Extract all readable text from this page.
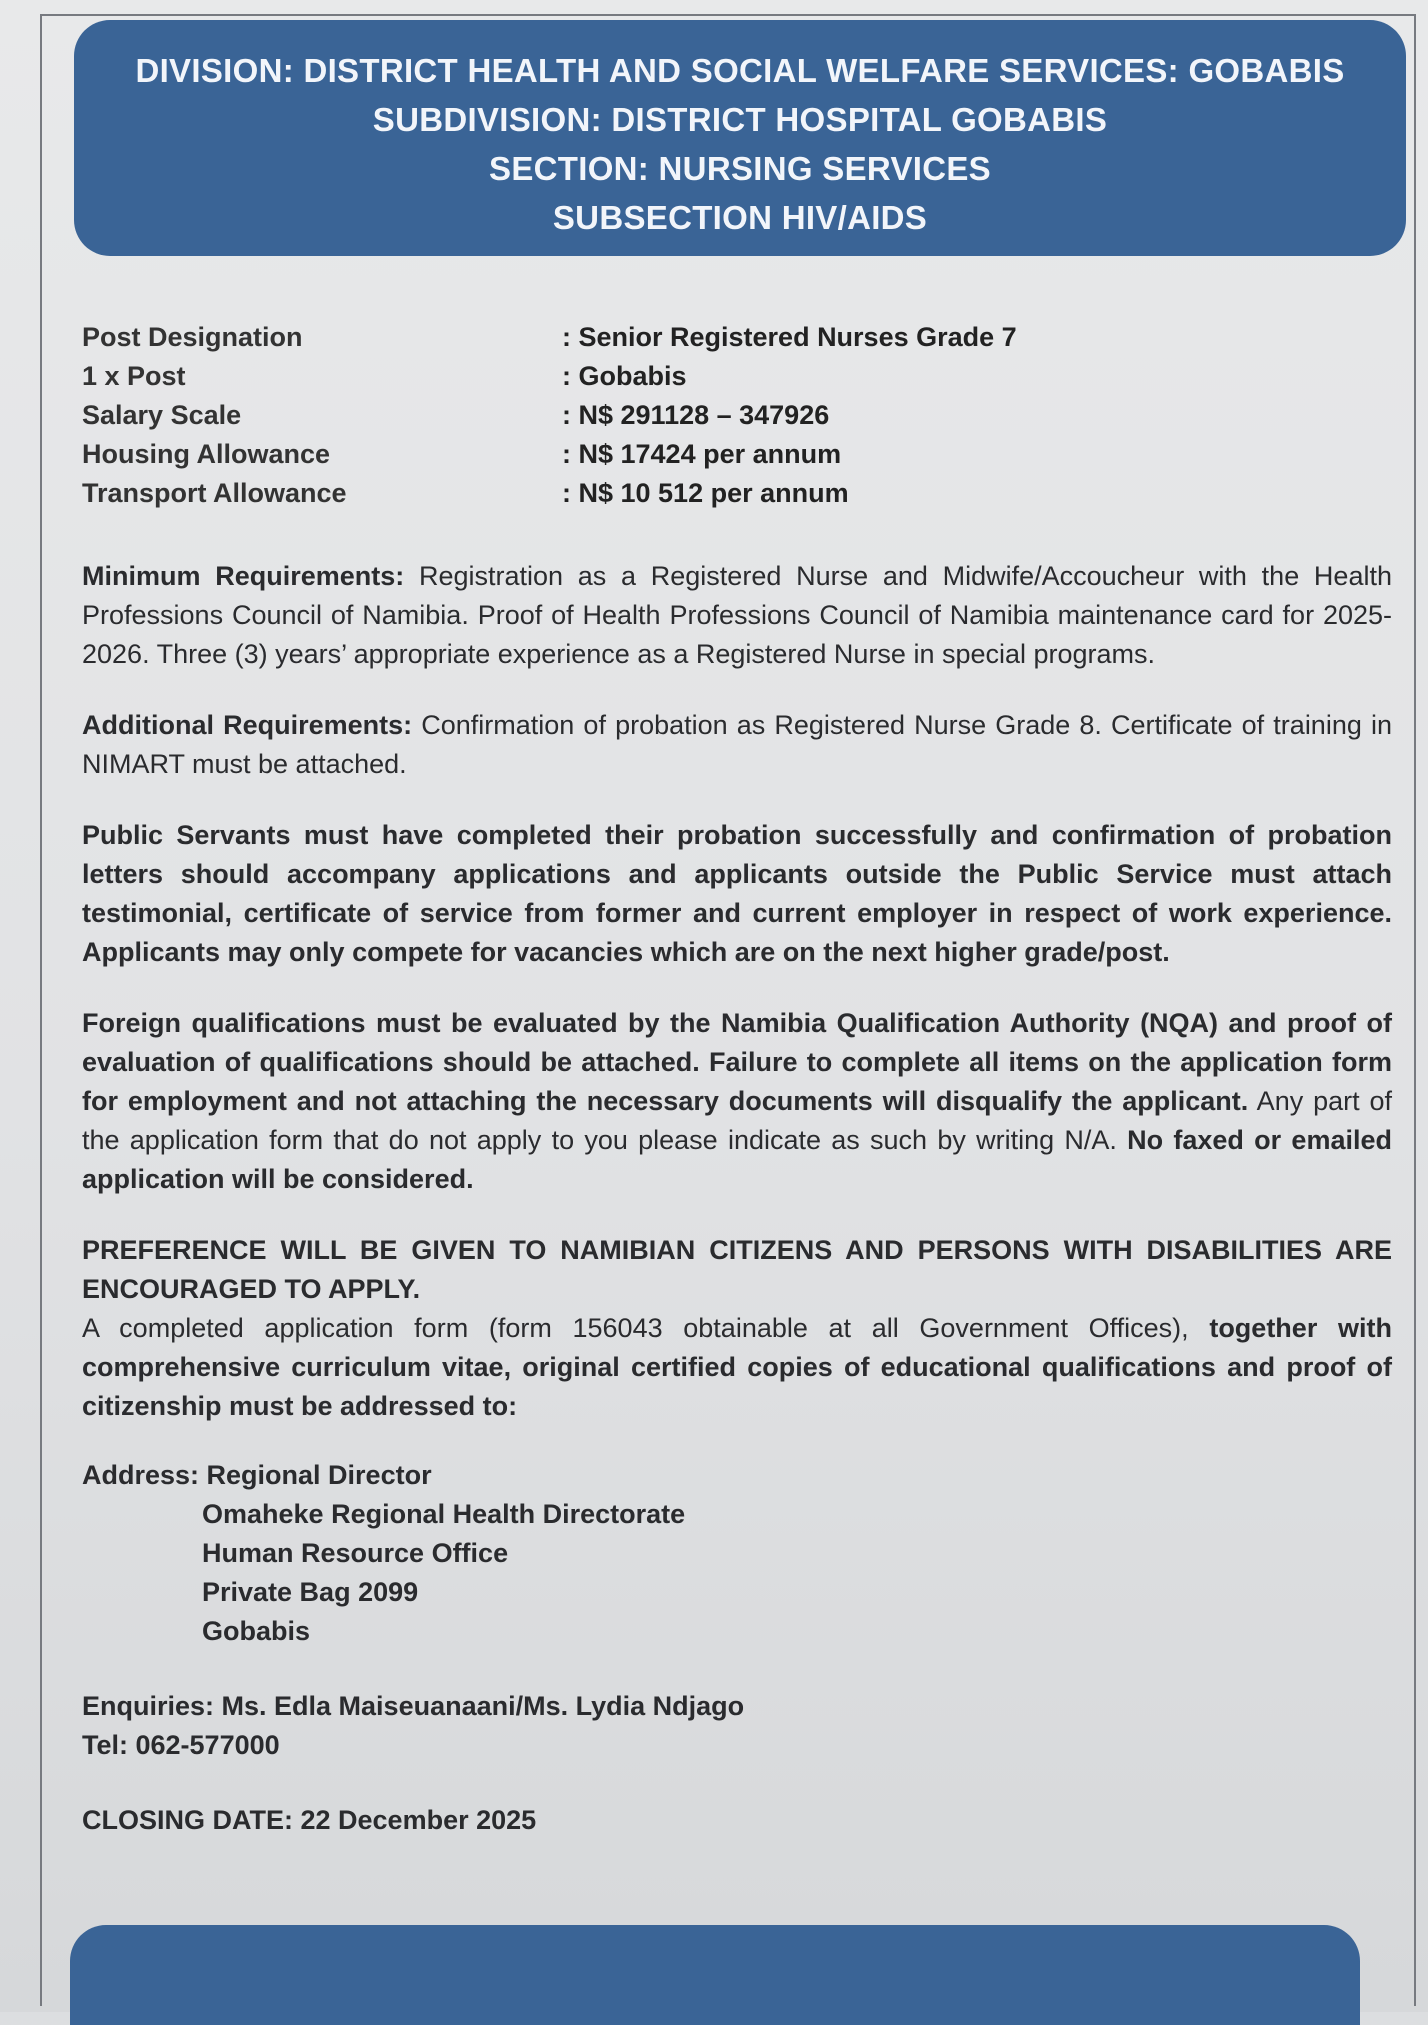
DIVISION: DISTRICT HEALTH AND SOCIAL WELFARE SERVICES: GOBABIS
SUBDIVISION: DISTRICT HOSPITAL GOBABIS
SECTION: NURSING SERVICES
SUBSECTION HIV/AIDS
Post Designation	: Senior Registered Nurses Grade 7
1 x Post	: Gobabis
Salary Scale	: N$ 291128 – 347926
Housing Allowance	: N$ 17424 per annum
Transport Allowance	: N$ 10 512 per annum

Minimum Requirements: Registration as a Registered Nurse and Midwife/Accoucheur with the Health Professions Council of Namibia. Proof of Health Professions Council of Namibia maintenance card for 2025-2026. Three (3) years’ appropriate experience as a Registered Nurse in special programs.

Additional Requirements: Confirmation of probation as Registered Nurse Grade 8. Certificate of training in NIMART must be attached.

Public Servants must have completed their probation successfully and confirmation of probation letters should accompany applications and applicants outside the Public Service must attach testimonial, certificate of service from former and current employer in respect of work experience. Applicants may only compete for vacancies which are on the next higher grade/post.

Foreign qualifications must be evaluated by the Namibia Qualification Authority (NQA) and proof of evaluation of qualifications should be attached. Failure to complete all items on the application form for employment and not attaching the necessary documents will disqualify the applicant. Any part of the application form that do not apply to you please indicate as such by writing N/A. No faxed or emailed application will be considered.

PREFERENCE WILL BE GIVEN TO NAMIBIAN CITIZENS AND PERSONS WITH DISABILITIES ARE ENCOURAGED TO APPLY.

A completed application form (form 156043 obtainable at all Government Offices), together with comprehensive curriculum vitae, original certified copies of educational qualifications and proof of citizenship must be addressed to:

Address: Regional Director
Omaheke Regional Health Directorate
Human Resource Office
Private Bag 2099
Gobabis
Enquiries: Ms. Edla Maiseuanaani/Ms. Lydia Ndjago
Tel: 062-577000
CLOSING DATE: 22 December 2025
